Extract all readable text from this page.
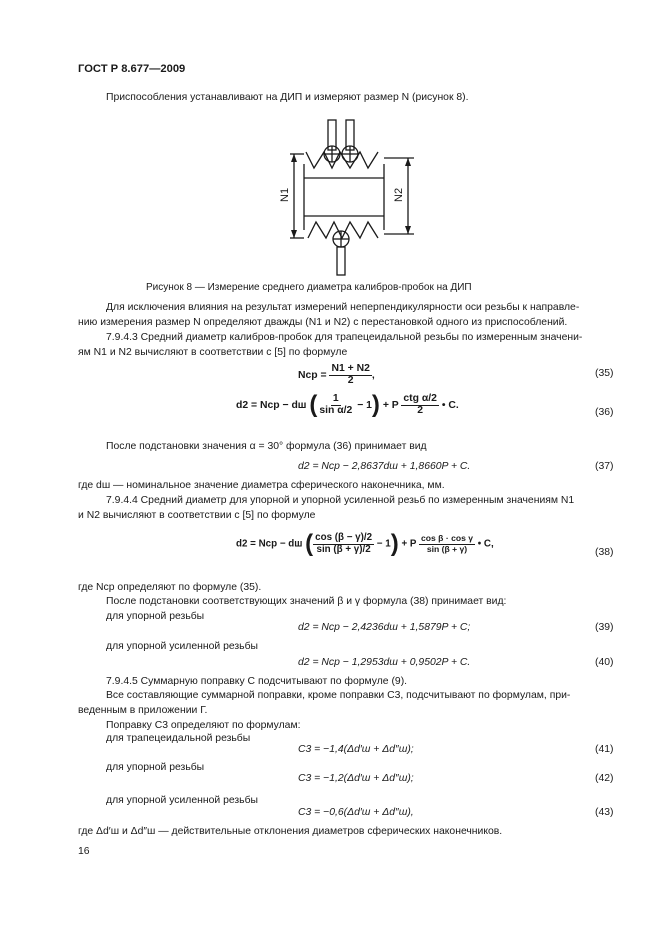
ГОСТ Р 8.677—2009
Приспособления устанавливают на ДИП и измеряют размер N (рисунок 8).
N1	N2
Рисунок 8 — Измерение среднего диаметра калибров-пробок на ДИП
Для исключения влияния на результат измерений неперпендикулярности оси резьбы к направле-
нию измерения размер N определяют дважды (N1 и N2) с перестановкой одного из приспособлений.
7.9.4.3 Средний диаметр калибров-пробок для трапецеидальной резьбы по измеренным значени-
ям N1 и N2 вычисляют в соответствии с [5] по формуле
Nср = $\frac{N1 + N2}{2}$ ,	(35)
d2 = Nср − dш ( $\frac{1}{\text{sin α/2}} - 1) + P \frac{\text{ctg α/2}}{2}$ • C.
(36)
После подстановки значения α = 30° формула (36) принимает вид
d2 = Nср − 2,8637dш + 1,8660P + C.	(37)
где dш — номинальное значение диаметра сферического наконечника, мм.
7.9.4.4 Средний диаметр для упорной и упорной усиленной резьб по измеренным значениям N1
и N2 вычисляют в соответствии с [5] по формуле
d2 = Nср − dш ( $\frac{\cos (\beta - \gamma)/2}{\sin (\beta + \gamma)/2} - 1) + P \frac{\text{cos β · cos γ}}{\sin (\beta + \gamma)}$ • C,
(38)
где Nср определяют по формуле (35).
После подстановки соответствующих значений β и γ формула (38) принимает вид:
для упорной резьбы
d2 = Nср − 2,4236dш + 1,5879P + C;	(39)
для упорной усиленной резьбы
d2 = Nср − 1,2953dш + 0,9502P + C.	(40)
7.9.4.5 Суммарную поправку C подсчитывают по формуле (9).
Все составляющие суммарной поправки, кроме поправки C3, подсчитывают по формулам, при-
веденным в приложении Г.
Поправку C3 определяют по формулам:
для трапецеидальной резьбы
C3 = −1,4(Δd′ш + Δd″ш);	(41)
для упорной резьбы
C3 = −1,2(Δd′ш + Δd″ш);	(42)
для упорной усиленной резьбы
C3 = −0,6(Δd′ш + Δd″ш),	(43)
где Δd′ш и Δd″ш — действительные отклонения диаметров сферических наконечников.
16
